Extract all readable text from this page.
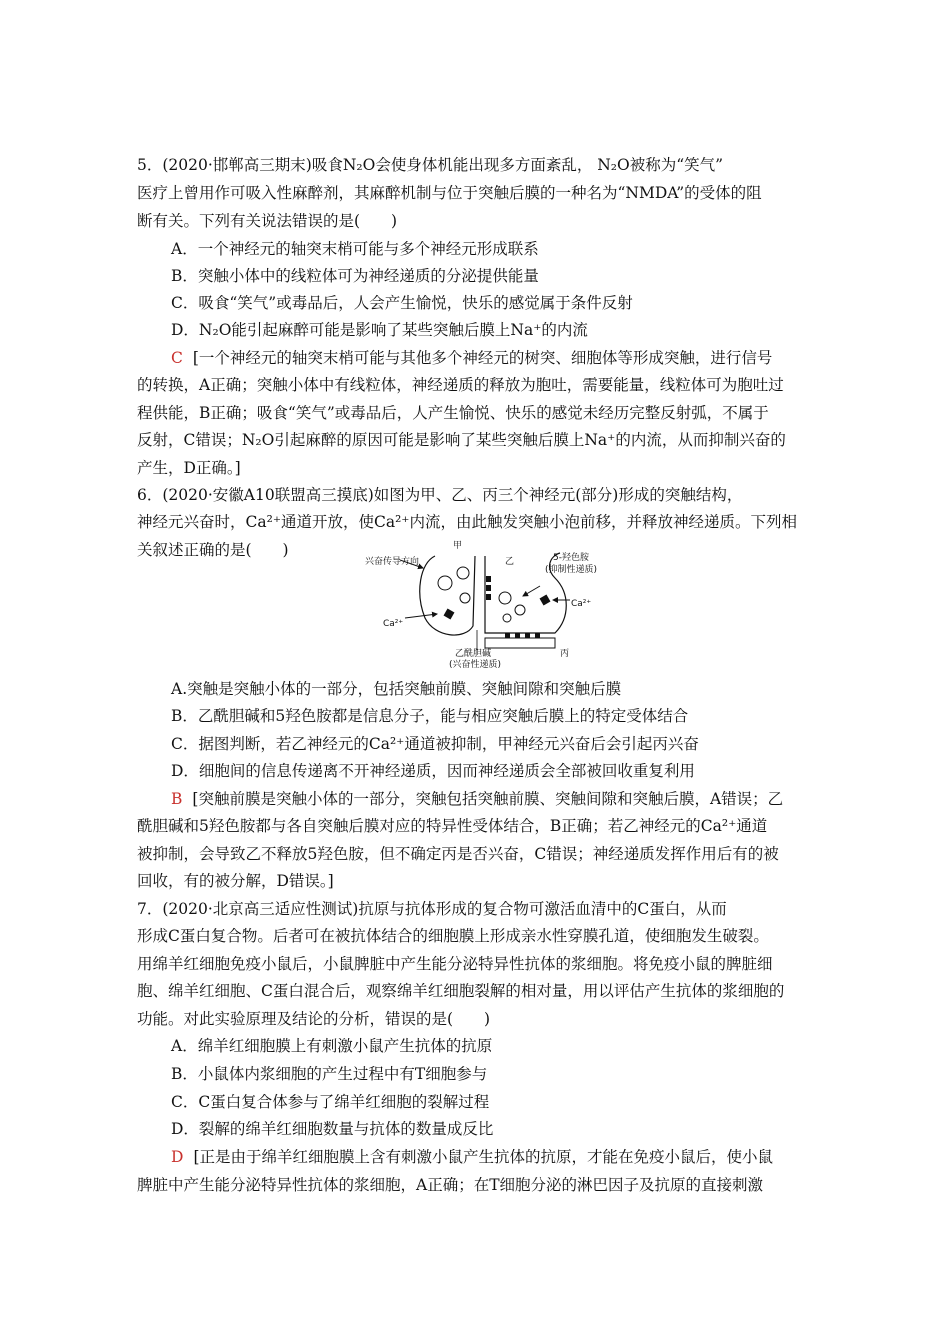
5．(2020·邯郸高三期末)吸食N₂O会使身体机能出现多方面紊乱， N₂O被称为“笑气”
医疗上曾用作可吸入性麻醉剂，其麻醉机制与位于突触后膜的一种名为“NMDA”的受体的阻
断有关。下列有关说法错误的是(　　)
A．一个神经元的轴突末梢可能与多个神经元形成联系
B．突触小体中的线粒体可为神经递质的分泌提供能量
C．吸食“笑气”或毒品后，人会产生愉悦，快乐的感觉属于条件反射
D．N₂O能引起麻醉可能是影响了某些突触后膜上Na⁺的内流
C [一个神经元的轴突末梢可能与其他多个神经元的树突、细胞体等形成突触，进行信号
的转换，A正确；突触小体中有线粒体，神经递质的释放为胞吐，需要能量，线粒体可为胞吐过
程供能，B正确；吸食“笑气”或毒品后，人产生愉悦、快乐的感觉未经历完整反射弧，不属于
反射，C错误；N₂O引起麻醉的原因可能是影响了某些突触后膜上Na⁺的内流，从而抑制兴奋的
产生，D正确。]
6．(2020·安徽A10联盟高三摸底)如图为甲、乙、丙三个神经元(部分)形成的突触结构，
神经元兴奋时，Ca²⁺通道开放，使Ca²⁺内流，由此触发突触小泡前移，并释放神经递质。下列相
关叙述正确的是(　　)
兴奋传导方向
甲
乙
丙
5-羟色胺
(抑制性递质)
Ca²⁺
Ca²⁺
乙酰胆碱
(兴奋性递质)
A.突触是突触小体的一部分，包括突触前膜、突触间隙和突触后膜
B．乙酰胆碱和5羟色胺都是信息分子，能与相应突触后膜上的特定受体结合
C．据图判断，若乙神经元的Ca²⁺通道被抑制，甲神经元兴奋后会引起丙兴奋
D．细胞间的信息传递离不开神经递质，因而神经递质会全部被回收重复利用
B [突触前膜是突触小体的一部分，突触包括突触前膜、突触间隙和突触后膜，A错误；乙
酰胆碱和5羟色胺都与各自突触后膜对应的特异性受体结合，B正确；若乙神经元的Ca²⁺通道
被抑制，会导致乙不释放5羟色胺，但不确定丙是否兴奋，C错误；神经递质发挥作用后有的被
回收，有的被分解，D错误。]
7．(2020·北京高三适应性测试)抗原与抗体形成的复合物可激活血清中的C蛋白，从而
形成C蛋白复合物。后者可在被抗体结合的细胞膜上形成亲水性穿膜孔道，使细胞发生破裂。
用绵羊红细胞免疫小鼠后，小鼠脾脏中产生能分泌特异性抗体的浆细胞。将免疫小鼠的脾脏细
胞、绵羊红细胞、C蛋白混合后，观察绵羊红细胞裂解的相对量，用以评估产生抗体的浆细胞的
功能。对此实验原理及结论的分析，错误的是(　　)
A．绵羊红细胞膜上有刺激小鼠产生抗体的抗原
B．小鼠体内浆细胞的产生过程中有T细胞参与
C．C蛋白复合体参与了绵羊红细胞的裂解过程
D．裂解的绵羊红细胞数量与抗体的数量成反比
D [正是由于绵羊红细胞膜上含有刺激小鼠产生抗体的抗原，才能在免疫小鼠后，使小鼠
脾脏中产生能分泌特异性抗体的浆细胞，A正确；在T细胞分泌的淋巴因子及抗原的直接刺激
